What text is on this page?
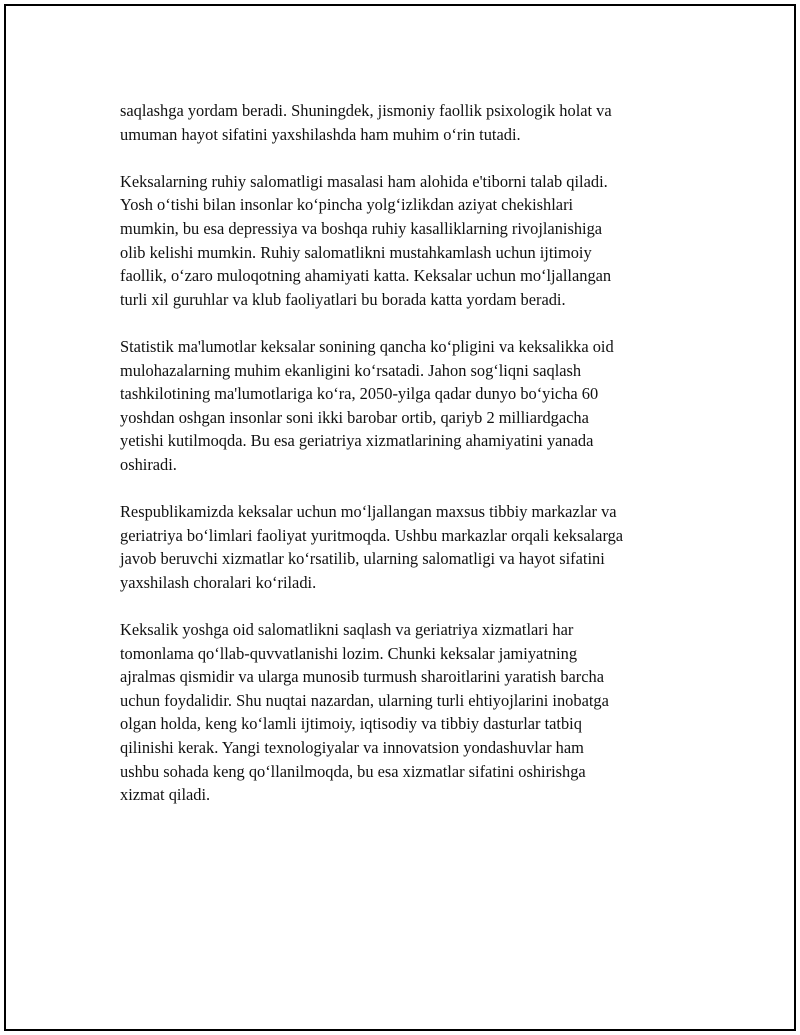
saqlashga yordam beradi. Shuningdek, jismoniy faollik psixologik holat va
umuman hayot sifatini yaxshilashda ham muhim o‘rin tutadi.

Keksalarning ruhiy salomatligi masalasi ham alohida e'tiborni talab qiladi.
Yosh o‘tishi bilan insonlar ko‘pincha yolg‘izlikdan aziyat chekishlari
mumkin, bu esa depressiya va boshqa ruhiy kasalliklarning rivojlanishiga
olib kelishi mumkin. Ruhiy salomatlikni mustahkamlash uchun ijtimoiy
faollik, o‘zaro muloqotning ahamiyati katta. Keksalar uchun mo‘ljallangan
turli xil guruhlar va klub faoliyatlari bu borada katta yordam beradi.

Statistik ma'lumotlar keksalar sonining qancha ko‘pligini va keksalikka oid
mulohazalarning muhim ekanligini ko‘rsatadi. Jahon sog‘liqni saqlash
tashkilotining ma'lumotlariga ko‘ra, 2050-yilga qadar dunyo bo‘yicha 60
yoshdan oshgan insonlar soni ikki barobar ortib, qariyb 2 milliardgacha
yetishi kutilmoqda. Bu esa geriatriya xizmatlarining ahamiyatini yanada
oshiradi.

Respublikamizda keksalar uchun mo‘ljallangan maxsus tibbiy markazlar va
geriatriya bo‘limlari faoliyat yuritmoqda. Ushbu markazlar orqali keksalarga
javob beruvchi xizmatlar ko‘rsatilib, ularning salomatligi va hayot sifatini
yaxshilash choralari ko‘riladi.

Keksalik yoshga oid salomatlikni saqlash va geriatriya xizmatlari har
tomonlama qo‘llab-quvvatlanishi lozim. Chunki keksalar jamiyatning
ajralmas qismidir va ularga munosib turmush sharoitlarini yaratish barcha
uchun foydalidir. Shu nuqtai nazardan, ularning turli ehtiyojlarini inobatga
olgan holda, keng ko‘lamli ijtimoiy, iqtisodiy va tibbiy dasturlar tatbiq
qilinishi kerak. Yangi texnologiyalar va innovatsion yondashuvlar ham
ushbu sohada keng qo‘llanilmoqda, bu esa xizmatlar sifatini oshirishga
xizmat qiladi.
